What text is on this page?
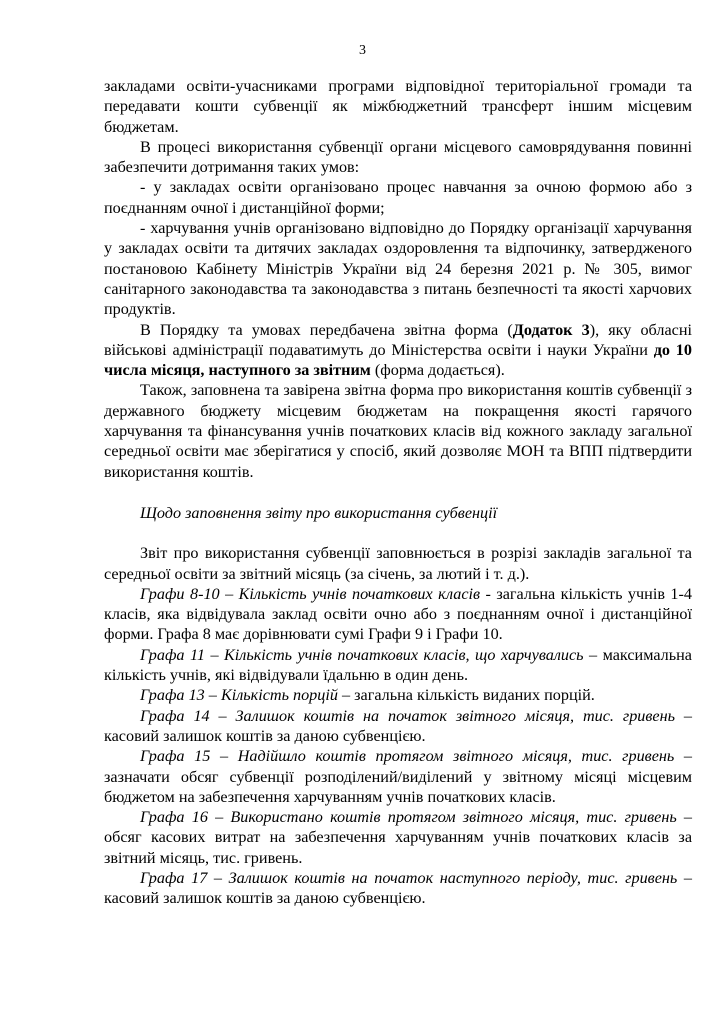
3

закладами освіти-учасниками програми відповідної територіальної громади та передавати кошти субвенції як міжбюджетний трансферт іншим місцевим бюджетам.

В процесі використання субвенції органи місцевого самоврядування повинні забезпечити дотримання таких умов:

- у закладах освіти організовано процес навчання за очною формою або з поєднанням очної і дистанційної форми;

- харчування учнів організовано відповідно до Порядку організації харчування у закладах освіти та дитячих закладах оздоровлення та відпочинку, затвердженого постановою Кабінету Міністрів України від 24 березня 2021 р. № 305, вимог санітарного законодавства та законодавства з питань безпечності та якості харчових продуктів.

В Порядку та умовах передбачена звітна форма (Додаток 3), яку обласні військові адміністрації подаватимуть до Міністерства освіти і науки України до 10 числа місяця, наступного за звітним (форма додається).

Також, заповнена та завірена звітна форма про використання коштів субвенції з державного бюджету місцевим бюджетам на покращення якості гарячого харчування та фінансування учнів початкових класів від кожного закладу загальної середньої освіти має зберігатися у спосіб, який дозволяє МОН та ВПП підтвердити використання коштів.

Щодо заповнення звіту про використання субвенції

Звіт про використання субвенції заповнюється в розрізі закладів загальної та середньої освіти за звітний місяць (за січень, за лютий і т. д.).

Графи 8-10 – Кількість учнів початкових класів - загальна кількість учнів 1-4 класів, яка відвідувала заклад освіти очно або з поєднанням очної і дистанційної форми. Графа 8 має дорівнювати сумі Графи 9 і Графи 10.

Графа 11 – Кількість учнів початкових класів, що харчувались – максимальна кількість учнів, які відвідували їдальню в один день.

Графа 13 – Кількість порцій – загальна кількість виданих порцій.

Графа 14 – Залишок коштів на початок звітного місяця, тис. гривень – касовий залишок коштів за даною субвенцією.

Графа 15 – Надійшло коштів протягом звітного місяця, тис. гривень – зазначати обсяг субвенції розподілений/виділений у звітному місяці місцевим бюджетом на забезпечення харчуванням учнів початкових класів.

Графа 16 – Використано коштів протягом звітного місяця, тис. гривень – обсяг касових витрат на забезпечення харчуванням учнів початкових класів за звітний місяць, тис. гривень.

Графа 17 – Залишок коштів на початок наступного періоду, тис. гривень – касовий залишок коштів за даною субвенцією.
